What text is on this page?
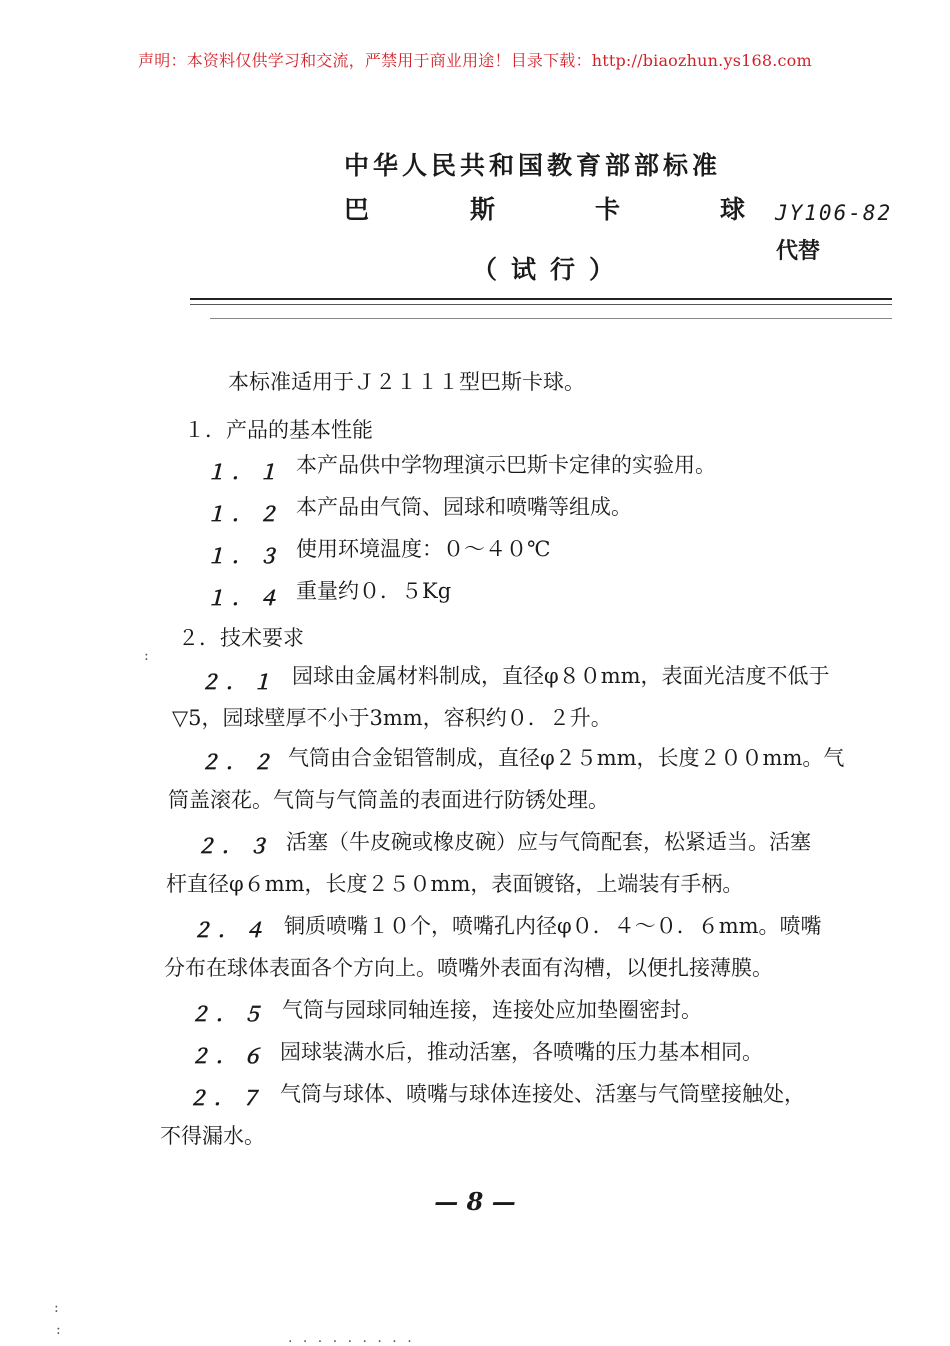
声明：本资料仅供学习和交流，严禁用于商业用途！目录下载：http://biaozhun.ys168.com
中华人民共和国教育部部标准
巴	斯	卡	球 JY106-82
代替
（试行）
本标准适用于Ｊ２１１１型巴斯卡球。
１．产品的基本性能
１．１ 本产品供中学物理演示巴斯卡定律的实验用。
１．２ 本产品由气筒、园球和喷嘴等组成。
１．３ 使用环境温度：０～４０℃
１．４ 重量约０．５Kg
２．技术要求
:
２．１ 园球由金属材料制成，直径φ８０mm，表面光洁度不低于
▽5，园球壁厚不小于3mm，容积约０．２升。
２．２ 气筒由合金铝管制成，直径φ２５mm，长度２００mm。气
筒盖滚花。气筒与气筒盖的表面进行防锈处理。
２．３ 活塞（牛皮碗或橡皮碗）应与气筒配套，松紧适当。活塞
杆直径φ６mm，长度２５０mm，表面镀铬，上端装有手柄。
２．４ 铜质喷嘴１０个，喷嘴孔内径φ０．４～０．６mm。喷嘴
分布在球体表面各个方向上。喷嘴外表面有沟槽，以便扎接薄膜。
２．５ 气筒与园球同轴连接，连接处应加垫圈密封。
２．６ 园球装满水后，推动活塞，各喷嘴的压力基本相同。
２．７ 气筒与球体、喷嘴与球体连接处、活塞与气筒壁接触处，
不得漏水。
— 8 —
:
:	. . . . . . . . .
